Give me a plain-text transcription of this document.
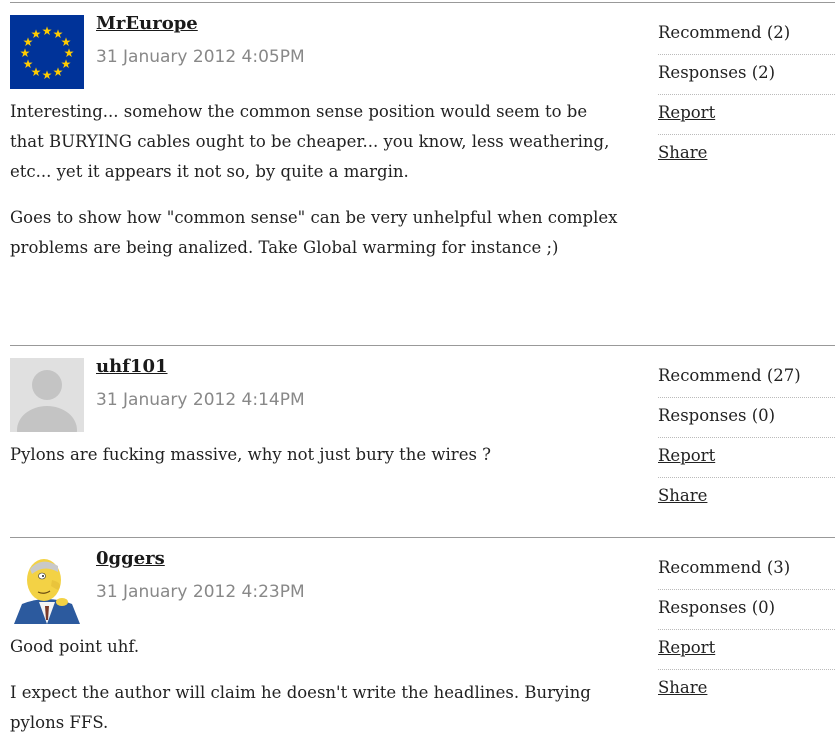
★ ★
★
★
★
★
★
★
★
★
★
★	MrEurope
31 January 2012 4:05PM

Interesting... somehow the common sense position would seem to be that BURYING cables ought to be cheaper... you know, less weathering, etc... yet it appears it not so, by quite a margin.

Goes to show how "common sense" can be very unhelpful when complex problems are being analized. Take Global warming for instance ;)

Recommend (2)
Responses (2)
Report
Share
uhf101
31 January 2012 4:14PM

Pylons are fucking massive, why not just bury the wires ?

Recommend (27)
Responses (0)
Report
Share
0ggers
31 January 2012 4:23PM

Good point uhf.

I expect the author will claim he doesn't write the headlines. Burying pylons FFS.

Recommend (3)
Responses (0)
Report
Share
